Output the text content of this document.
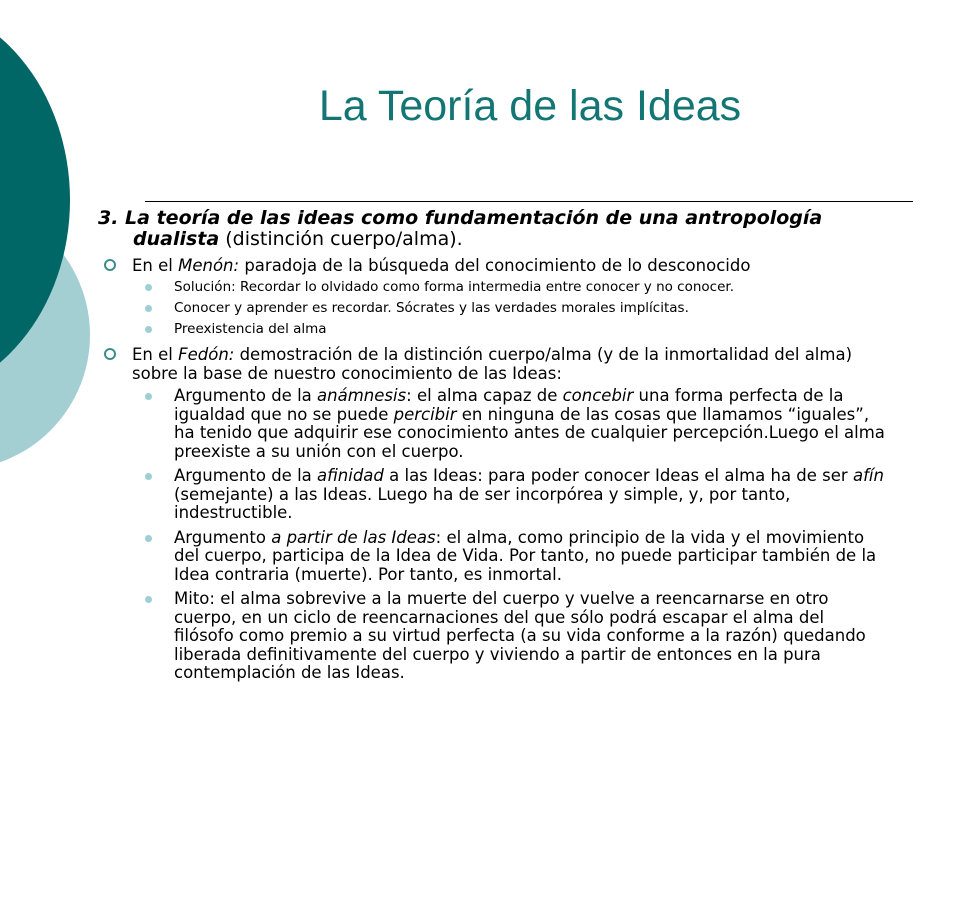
La Teoría de las Ideas

3. La teoría de las ideas como fundamentación de una antropología dualista (distinción cuerpo/alma).

En el Menón: paradoja de la búsqueda del conocimiento de lo desconocido
Solución: Recordar lo olvidado como forma intermedia entre conocer y no conocer.
Conocer y aprender es recordar. Sócrates y las verdades morales implícitas.
Preexistencia del alma
En el Fedón: demostración de la distinción cuerpo/alma (y de la inmortalidad del alma) sobre la base de nuestro conocimiento de las Ideas:
Argumento de la anámnesis: el alma capaz de concebir una forma perfecta de la igualdad que no se puede percibir en ninguna de las cosas que llamamos “iguales”, ha tenido que adquirir ese conocimiento antes de cualquier percepción.Luego el alma preexiste a su unión con el cuerpo.
Argumento de la afinidad a las Ideas: para poder conocer Ideas el alma ha de ser afín (semejante) a las Ideas. Luego ha de ser incorpórea y simple, y, por tanto, indestructible.
Argumento a partir de las Ideas: el alma, como principio de la vida y el movimiento del cuerpo, participa de la Idea de Vida. Por tanto, no puede participar también de la Idea contraria (muerte). Por tanto, es inmortal.
Mito: el alma sobrevive a la muerte del cuerpo y vuelve a reencarnarse en otro cuerpo, en un ciclo de reencarnaciones del que sólo podrá escapar el alma del filósofo como premio a su virtud perfecta (a su vida conforme a la razón) quedando liberada definitivamente del cuerpo y viviendo a partir de entonces en la pura contemplación de las Ideas.
